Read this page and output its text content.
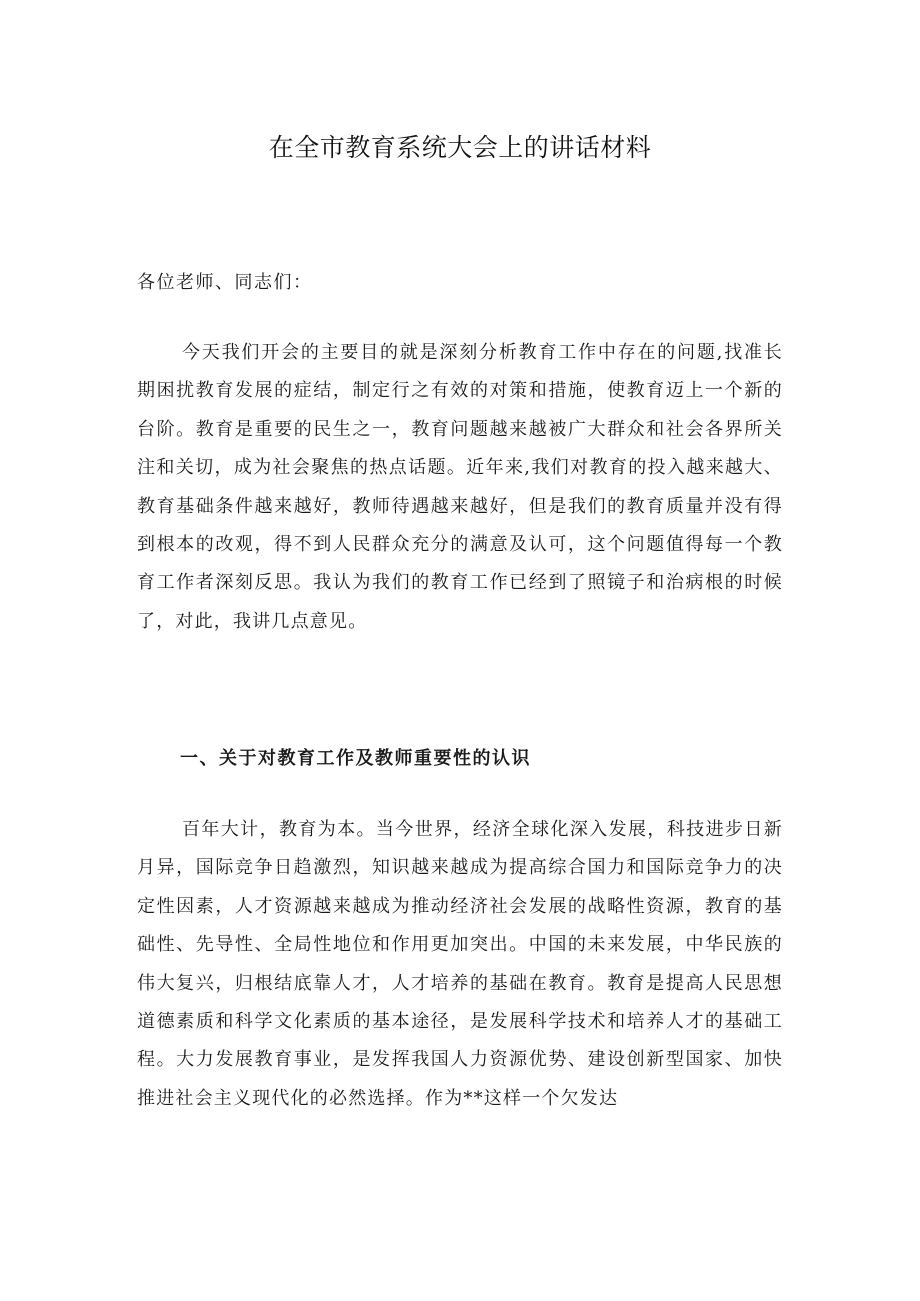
在全市教育系统大会上的讲话材料

各位老师、同志们：

今天我们开会的主要目的就是深刻分析教育工作中存在的问题,找准长期困扰教育发展的症结，制定行之有效的对策和措施，使教育迈上一个新的台阶。教育是重要的民生之一，教育问题越来越被广大群众和社会各界所关注和关切，成为社会聚焦的热点话题。近年来,我们对教育的投入越来越大、教育基础条件越来越好，教师待遇越来越好，但是我们的教育质量并没有得到根本的改观，得不到人民群众充分的满意及认可，这个问题值得每一个教育工作者深刻反思。我认为我们的教育工作已经到了照镜子和治病根的时候了，对此，我讲几点意见。

一、关于对教育工作及教师重要性的认识

百年大计，教育为本。当今世界，经济全球化深入发展，科技进步日新月异，国际竞争日趋激烈，知识越来越成为提高综合国力和国际竞争力的决定性因素，人才资源越来越成为推动经济社会发展的战略性资源，教育的基础性、先导性、全局性地位和作用更加突出。中国的未来发展，中华民族的伟大复兴，归根结底靠人才，人才培养的基础在教育。教育是提高人民思想道德素质和科学文化素质的基本途径，是发展科学技术和培养人才的基础工程。大力发展教育事业，是发挥我国人力资源优势、建设创新型国家、加快推进社会主义现代化的必然选择。作为**这样一个欠发达
